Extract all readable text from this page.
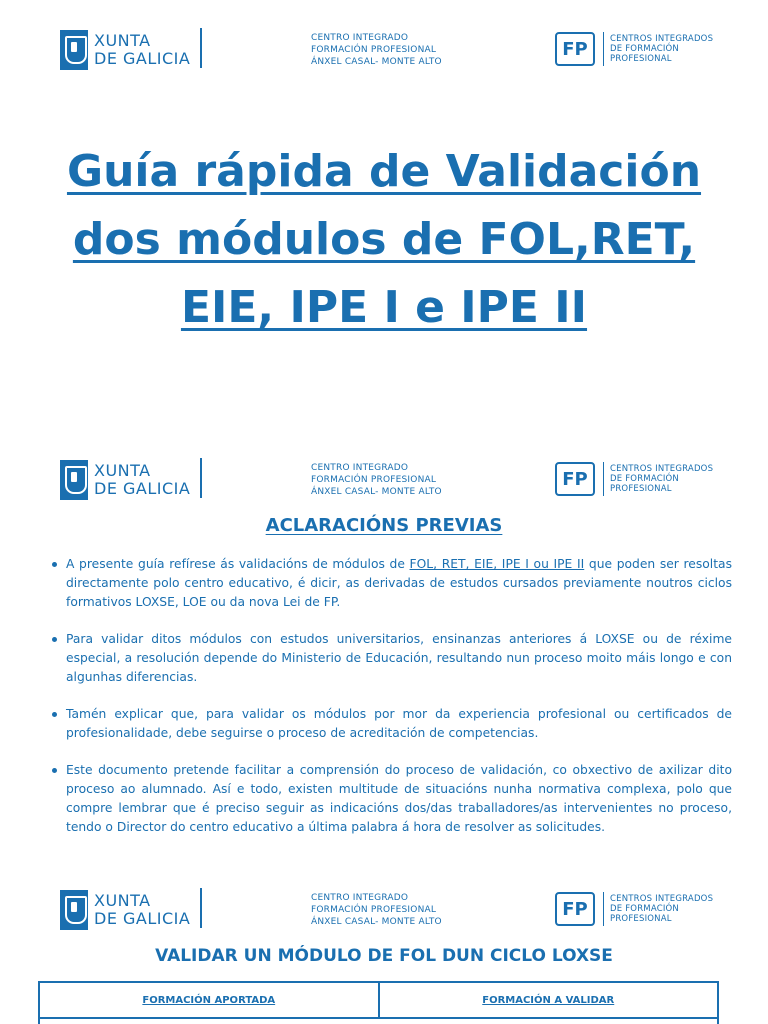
XUNTA
DE GALICIA
CENTRO INTEGRADO
FORMACIÓN PROFESIONAL
ÁNXEL CASAL- MONTE ALTO
FP	CENTROS INTEGRADOS
DE FORMACIÓN
PROFESIONAL
Guía rápida de Validación
dos módulos de FOL,RET,
EIE, IPE I e IPE II
XUNTA
DE GALICIA
CENTRO INTEGRADO
FORMACIÓN PROFESIONAL
ÁNXEL CASAL- MONTE ALTO
FP	CENTROS INTEGRADOS
DE FORMACIÓN
PROFESIONAL
ACLARACIÓNS PREVIAS
A presente guía refírese ás validacións de módulos de FOL, RET, EIE, IPE I ou IPE II que poden ser resoltas directamente polo centro educativo, é dicir, as derivadas de estudos cursados previamente noutros ciclos formativos LOXSE, LOE ou da nova Lei de FP.
Para validar ditos módulos con estudos universitarios, ensinanzas anteriores á LOXSE ou de réxime especial, a resolución depende do Ministerio de Educación, resultando nun proceso moito máis longo e con algunhas diferencias.
Tamén explicar que, para validar os módulos por mor da experiencia profesional ou certificados de profesionalidade, debe seguirse o proceso de acreditación de competencias.
Este documento pretende facilitar a comprensión do proceso de validación, co obxectivo de axilizar dito proceso ao alumnado. Así e todo, existen multitude de situacións nunha normativa complexa, polo que compre lembrar que é preciso seguir as indicacións dos/das traballadores/as intervenientes no proceso, tendo o Director do centro educativo a última palabra á hora de resolver as solicitudes.
XUNTA
DE GALICIA
CENTRO INTEGRADO
FORMACIÓN PROFESIONAL
ÁNXEL CASAL- MONTE ALTO
FP	CENTROS INTEGRADOS
DE FORMACIÓN
PROFESIONAL
VALIDAR UN MÓDULO DE FOL DUN CICLO LOXSE
FORMACIÓN APORTADA	FORMACIÓN A VALIDAR
